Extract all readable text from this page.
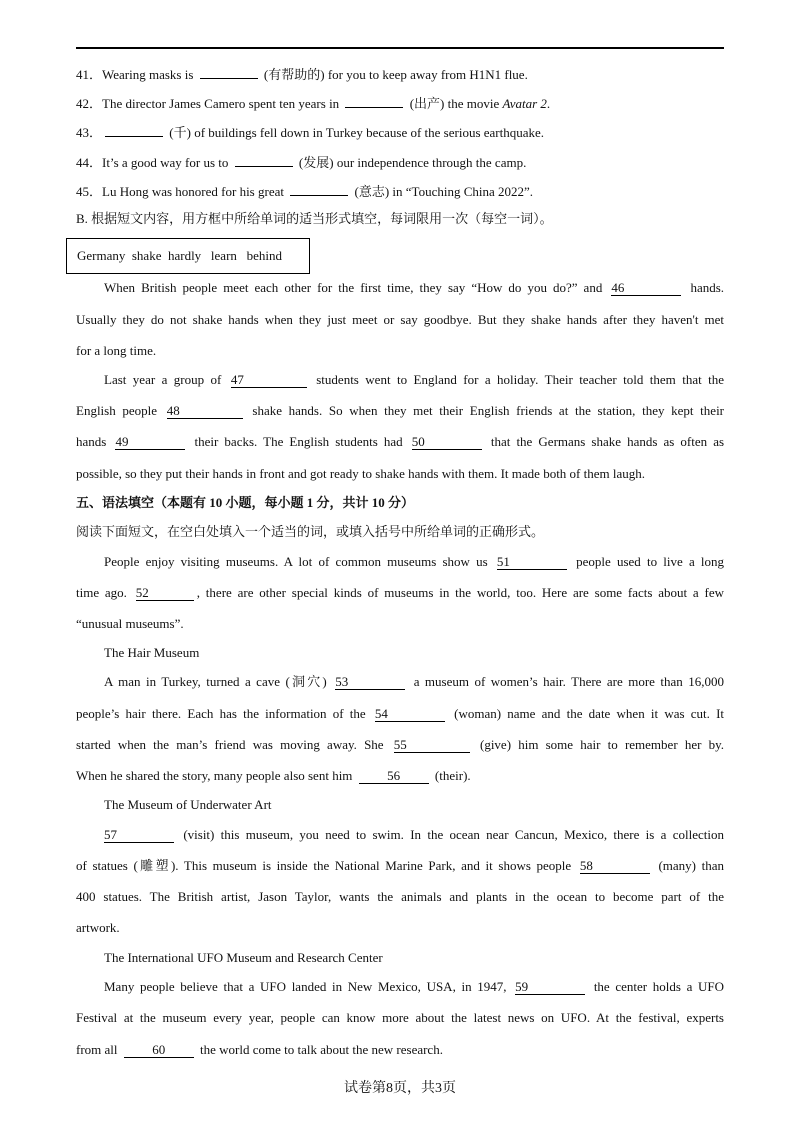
41．Wearing masks is	(有帮助的) for you to keep away from H1N1 flue.
42．The director James Camero spent ten years in	(出产) the movie Avatar 2.
43．	(千) of buildings fell down in Turkey because of the serious earthquake.
44．It’s a good way for us to	(发展) our independence through the camp.
45．Lu Hong was honored for his great	(意志) in “Touching China 2022”.
B. 根据短文内容，用方框中所给单词的适当形式填空，每词限用一次（每空一词）。
Germany  shake  hardly   learn   behind
When British people meet each other for the first time, they say “How do you do?” and 46	hands.
Usually they do not shake hands when they just meet or say goodbye. But they shake hands after they haven't met
for a long time.
Last year a group of 47	students went to England for a holiday. Their teacher told them that the
English people 48	shake hands. So when they met their English friends at the station, they kept their
hands 49	their backs. The English students had 50	that the Germans shake hands as often as
possible, so they put their hands in front and got ready to shake hands with them. It made both of them laugh.
五、语法填空（本题有 10 小题，每小题 1 分，共计 10 分）
阅读下面短文，在空白处填入一个适当的词，或填入括号中所给单词的正确形式。
People enjoy visiting museums. A lot of common museums show us 51	people used to live a long
time ago. 52	, there are other special kinds of museums in the world, too. Here are some facts about a few
“unusual museums”.
The Hair Museum
A man in Turkey, turned a cave (洞穴) 53	a museum of women’s hair. There are more than 16,000
people’s hair there. Each has the information of the 54	(woman) name and the date when it was cut. It
started when the man’s friend was moving away. She 55	(give) him some hair to remember her by.
When he shared the story, many people also sent him	56	(their).
The Museum of Underwater Art
57	(visit) this museum, you need to swim. In the ocean near Cancun, Mexico, there is a collection
of statues (雕塑). This museum is inside the National Marine Park, and it shows people 58	(many) than
400 statues. The British artist, Jason Taylor, wants the animals and plants in the ocean to become part of the
artwork.
The International UFO Museum and Research Center
Many people believe that a UFO landed in New Mexico, USA, in 1947, 59	the center holds a UFO
Festival at the museum every year, people can know more about the latest news on UFO. At the festival, experts
from all	60	the world come to talk about the new research.
试卷第8页，共3页
